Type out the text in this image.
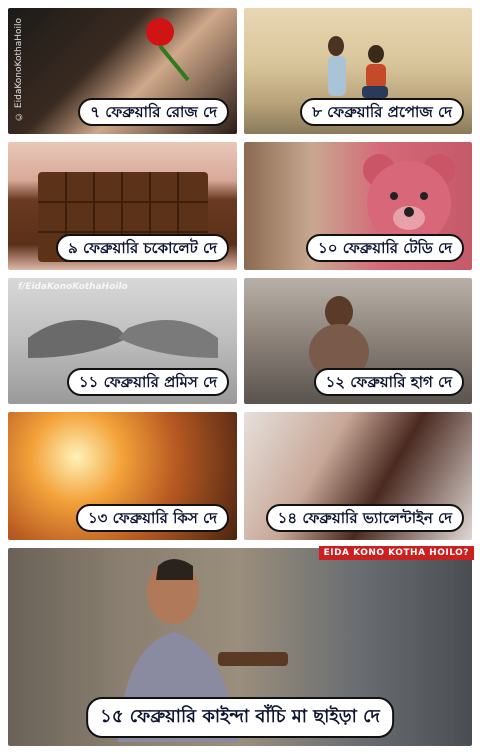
© EidaKonoKothaHoilo	৭ ফেব্রুয়ারি রোজ দে	৮ ফেব্রুয়ারি প্রপোজ দে
৯ ফেব্রুয়ারি চকোলেট দে	১০ ফেব্রুয়ারি টেডি দে
f/EidaKonoKothaHoilo
১১ ফেব্রুয়ারি প্রমিস দে	১২ ফেব্রুয়ারি হাগ দে
১৩ ফেব্রুয়ারি কিস দে	১৪ ফেব্রুয়ারি ভ্যালেন্টাইন দে
১৫ ফেব্রুয়ারি কাইন্দা বাঁচি মা ছাইড়া দে
EIDA KONO KOTHA HOILO?
